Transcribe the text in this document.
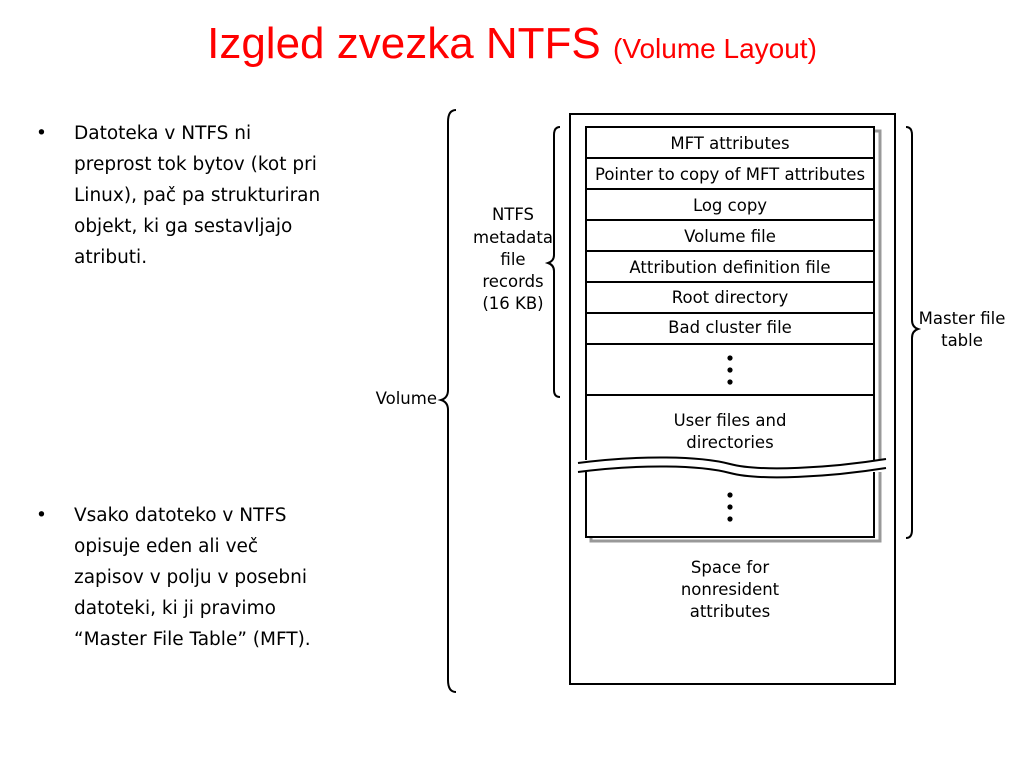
Izgled zvezka NTFS (Volume Layout)
• Datoteka v NTFS ni
preprost tok bytov (kot pri
Linux), pač pa strukturiran
objekt, ki ga sestavljajo
atributi.
• Vsako datoteko v NTFS
opisuje eden ali več
zapisov v polju v posebni
datoteki, ki ji pravimo
“Master File Table” (MFT).
MFT attributes
Pointer to copy of MFT attributes
Log copy
Volume file
Attribution definition file
Root directory
Bad cluster file
User files and
directories
Space for
nonresident
attributes
Volume
NTFS
metadata
file
records
(16 KB)
Master file
table
